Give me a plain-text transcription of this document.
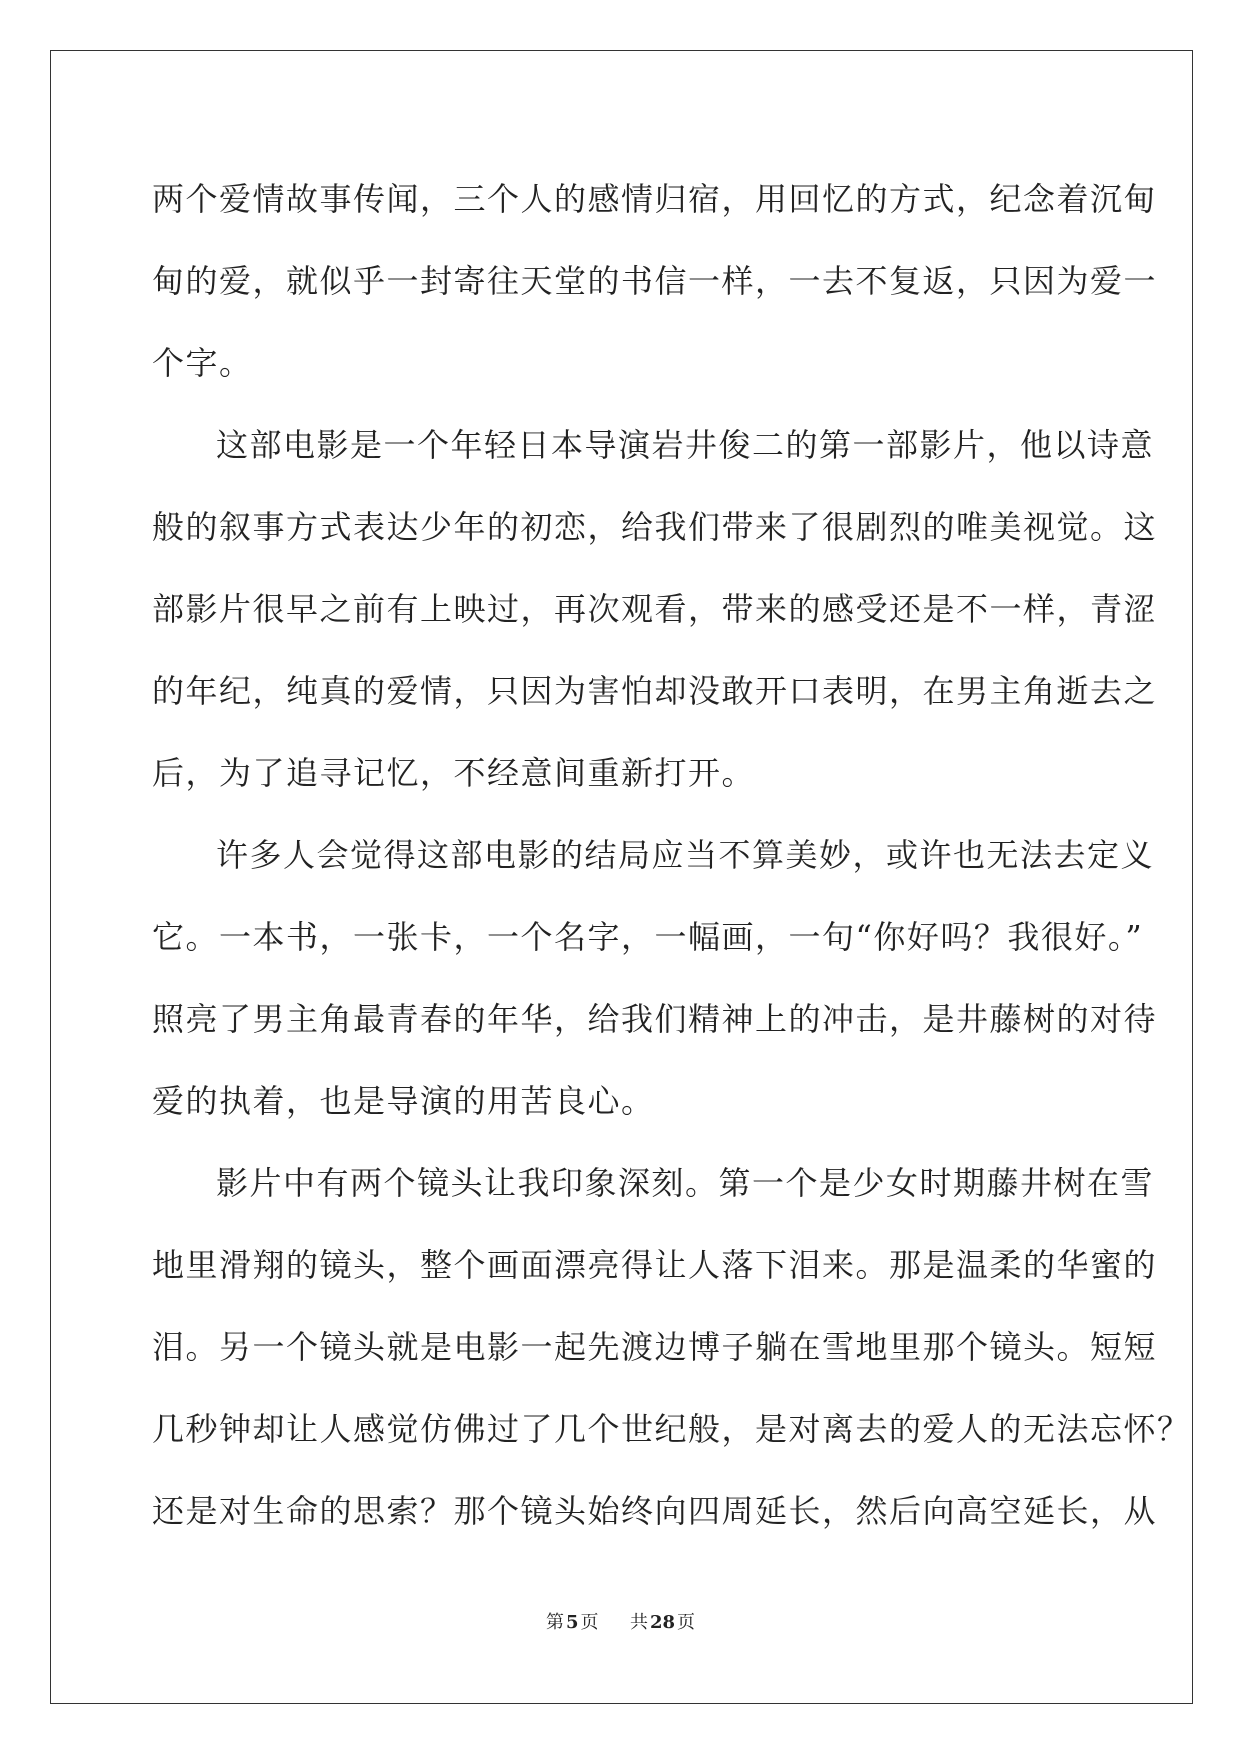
两个爱情故事传闻，三个人的感情归宿，用回忆的方式，纪念着沉甸
甸的爱，就似乎一封寄往天堂的书信一样，一去不复返，只因为爱一
个字。
这部电影是一个年轻日本导演岩井俊二的第一部影片，他以诗意
般的叙事方式表达少年的初恋，给我们带来了很剧烈的唯美视觉。这
部影片很早之前有上映过，再次观看，带来的感受还是不一样，青涩
的年纪，纯真的爱情，只因为害怕却没敢开口表明，在男主角逝去之
后，为了追寻记忆，不经意间重新打开。
许多人会觉得这部电影的结局应当不算美妙，或许也无法去定义
它。一本书，一张卡，一个名字，一幅画，一句“你好吗？我很好。”
照亮了男主角最青春的年华，给我们精神上的冲击，是井藤树的对待
爱的执着，也是导演的用苦良心。
影片中有两个镜头让我印象深刻。第一个是少女时期藤井树在雪
地里滑翔的镜头，整个画面漂亮得让人落下泪来。那是温柔的华蜜的
泪。另一个镜头就是电影一起先渡边博子躺在雪地里那个镜头。短短
几秒钟却让人感觉仿佛过了几个世纪般，是对离去的爱人的无法忘怀？
还是对生命的思索？那个镜头始终向四周延长，然后向高空延长，从
第 5 页 共 28 页
